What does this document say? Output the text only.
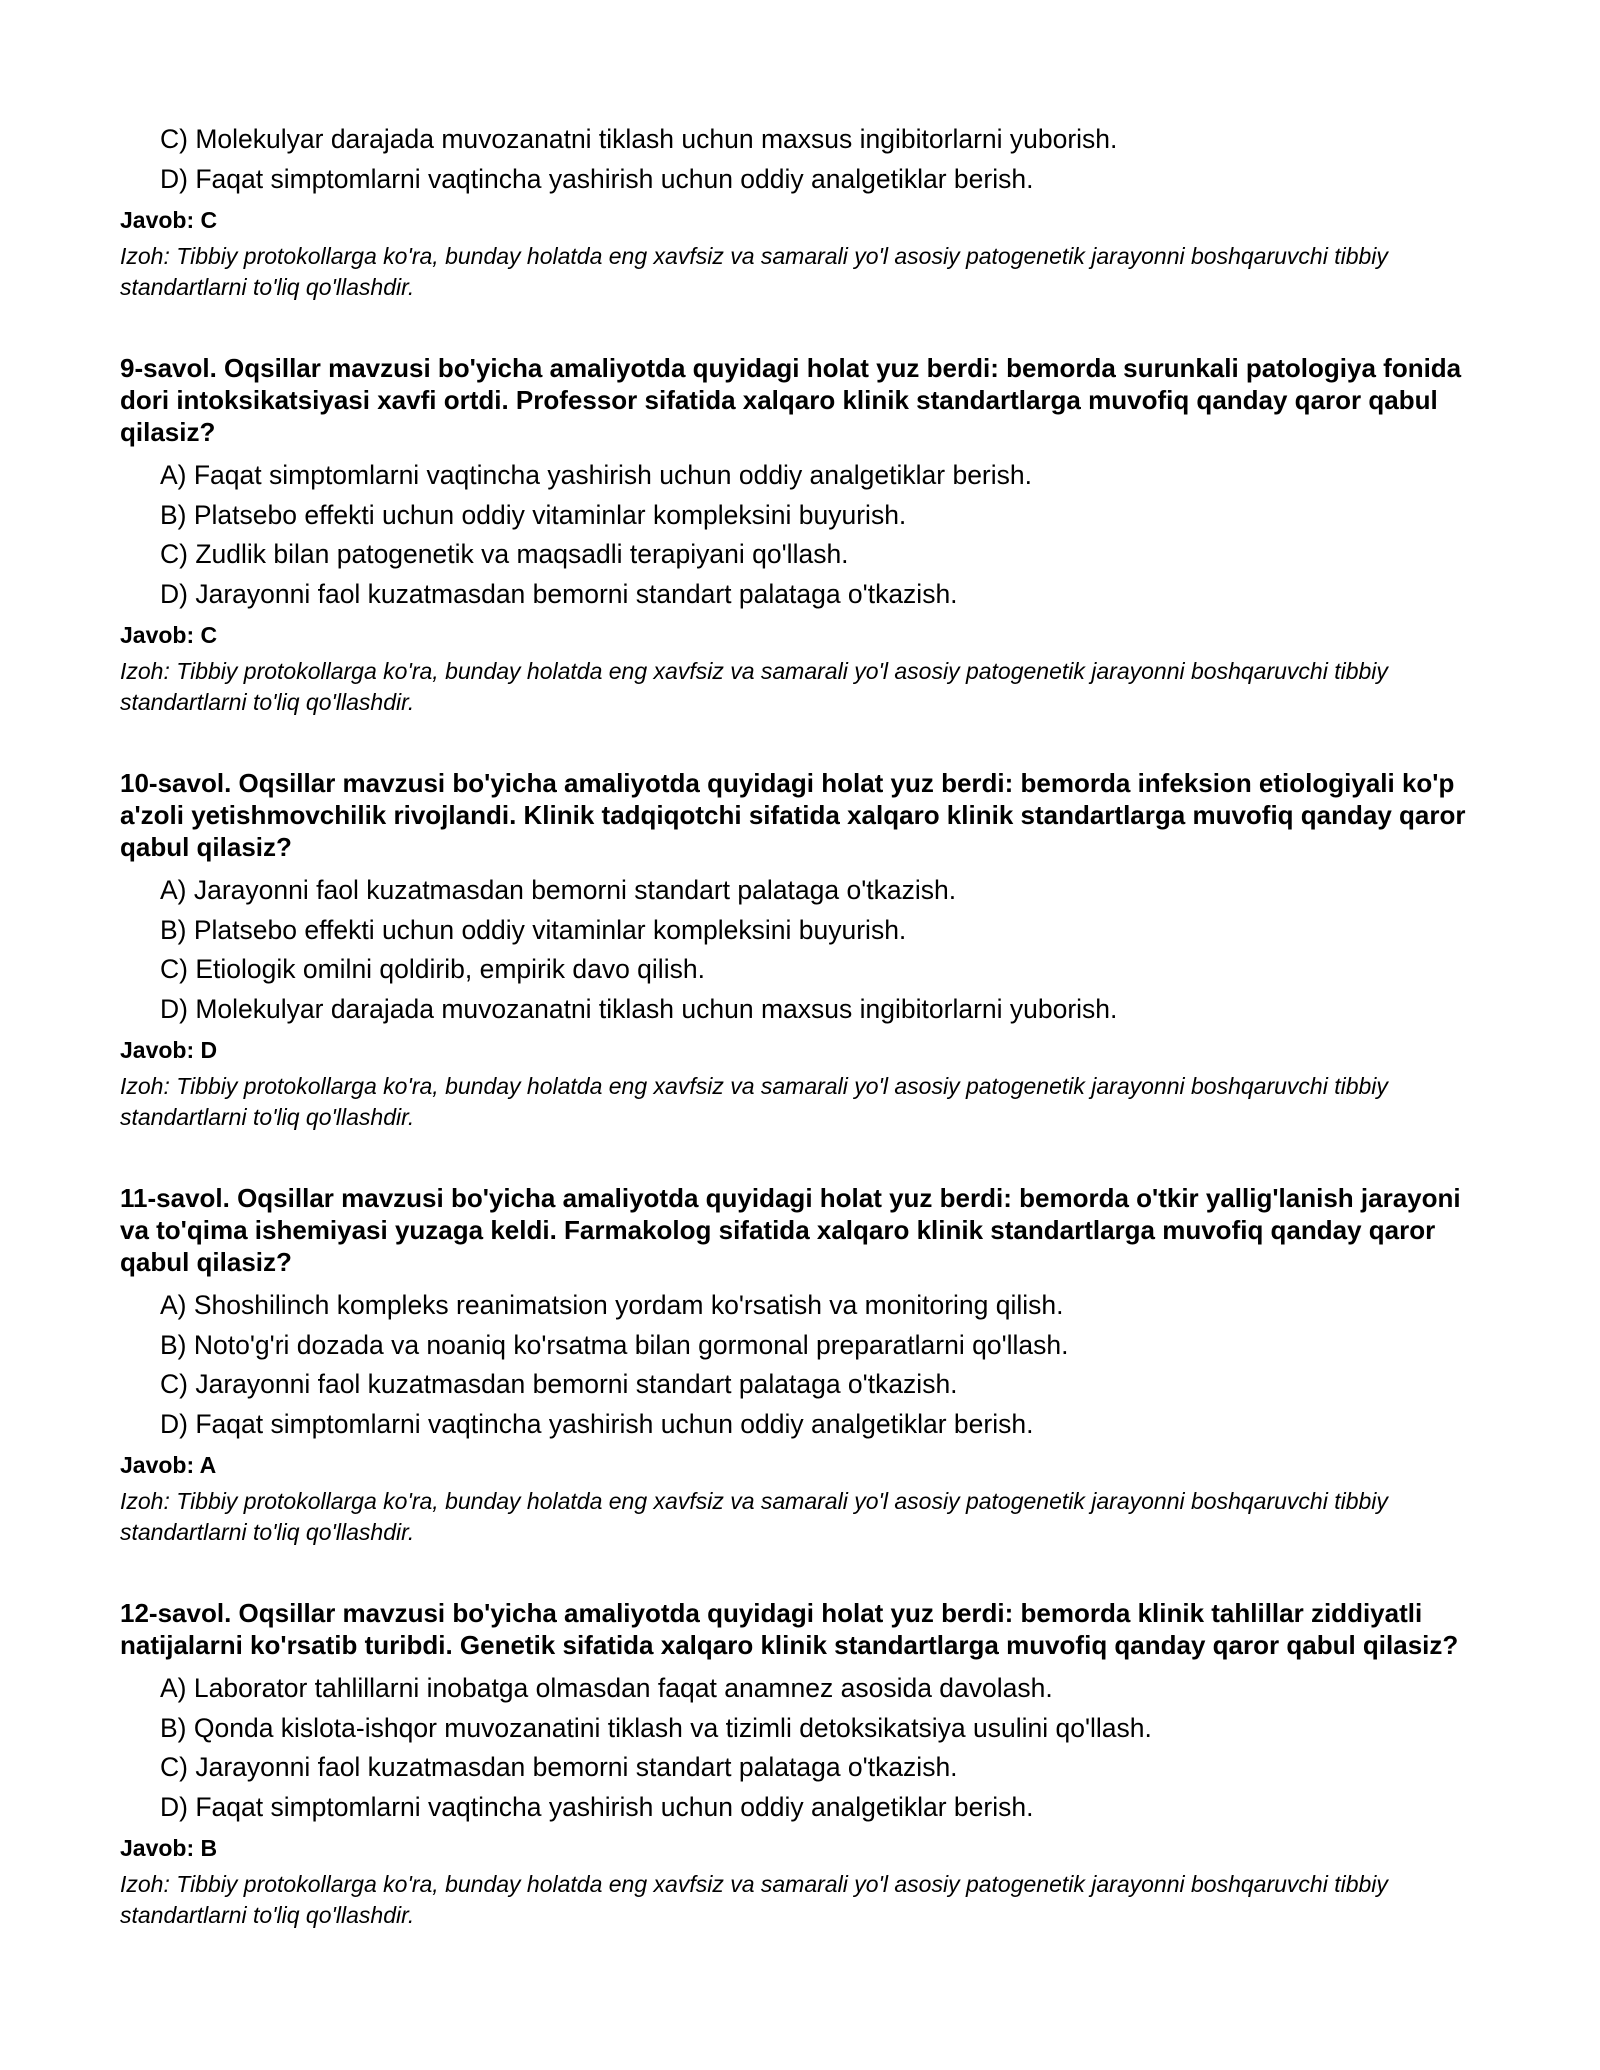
C) Molekulyar darajada muvozanatni tiklash uchun maxsus ingibitorlarni yuborish.
D) Faqat simptomlarni vaqtincha yashirish uchun oddiy analgetiklar berish.
Javob: C
Izoh: Tibbiy protokollarga ko'ra, bunday holatda eng xavfsiz va samarali yo'l asosiy patogenetik jarayonni boshqaruvchi tibbiy standartlarni to'liq qo'llashdir.
9-savol. Oqsillar mavzusi bo'yicha amaliyotda quyidagi holat yuz berdi: bemorda surunkali patologiya fonida dori intoksikatsiyasi xavfi ortdi. Professor sifatida xalqaro klinik standartlarga muvofiq qanday qaror qabul qilasiz?
A) Faqat simptomlarni vaqtincha yashirish uchun oddiy analgetiklar berish.
B) Platsebo effekti uchun oddiy vitaminlar kompleksini buyurish.
C) Zudlik bilan patogenetik va maqsadli terapiyani qo'llash.
D) Jarayonni faol kuzatmasdan bemorni standart palataga o'tkazish.
Javob: C
Izoh: Tibbiy protokollarga ko'ra, bunday holatda eng xavfsiz va samarali yo'l asosiy patogenetik jarayonni boshqaruvchi tibbiy standartlarni to'liq qo'llashdir.
10-savol. Oqsillar mavzusi bo'yicha amaliyotda quyidagi holat yuz berdi: bemorda infeksion etiologiyali ko'p a'zoli yetishmovchilik rivojlandi. Klinik tadqiqotchi sifatida xalqaro klinik standartlarga muvofiq qanday qaror qabul qilasiz?
A) Jarayonni faol kuzatmasdan bemorni standart palataga o'tkazish.
B) Platsebo effekti uchun oddiy vitaminlar kompleksini buyurish.
C) Etiologik omilni qoldirib, empirik davo qilish.
D) Molekulyar darajada muvozanatni tiklash uchun maxsus ingibitorlarni yuborish.
Javob: D
Izoh: Tibbiy protokollarga ko'ra, bunday holatda eng xavfsiz va samarali yo'l asosiy patogenetik jarayonni boshqaruvchi tibbiy standartlarni to'liq qo'llashdir.
11-savol. Oqsillar mavzusi bo'yicha amaliyotda quyidagi holat yuz berdi: bemorda o'tkir yallig'lanish jarayoni va to'qima ishemiyasi yuzaga keldi. Farmakolog sifatida xalqaro klinik standartlarga muvofiq qanday qaror qabul qilasiz?
A) Shoshilinch kompleks reanimatsion yordam ko'rsatish va monitoring qilish.
B) Noto'g'ri dozada va noaniq ko'rsatma bilan gormonal preparatlarni qo'llash.
C) Jarayonni faol kuzatmasdan bemorni standart palataga o'tkazish.
D) Faqat simptomlarni vaqtincha yashirish uchun oddiy analgetiklar berish.
Javob: A
Izoh: Tibbiy protokollarga ko'ra, bunday holatda eng xavfsiz va samarali yo'l asosiy patogenetik jarayonni boshqaruvchi tibbiy standartlarni to'liq qo'llashdir.
12-savol. Oqsillar mavzusi bo'yicha amaliyotda quyidagi holat yuz berdi: bemorda klinik tahlillar ziddiyatli natijalarni ko'rsatib turibdi. Genetik sifatida xalqaro klinik standartlarga muvofiq qanday qaror qabul qilasiz?
A) Laborator tahlillarni inobatga olmasdan faqat anamnez asosida davolash.
B) Qonda kislota-ishqor muvozanatini tiklash va tizimli detoksikatsiya usulini qo'llash.
C) Jarayonni faol kuzatmasdan bemorni standart palataga o'tkazish.
D) Faqat simptomlarni vaqtincha yashirish uchun oddiy analgetiklar berish.
Javob: B
Izoh: Tibbiy protokollarga ko'ra, bunday holatda eng xavfsiz va samarali yo'l asosiy patogenetik jarayonni boshqaruvchi tibbiy standartlarni to'liq qo'llashdir.
